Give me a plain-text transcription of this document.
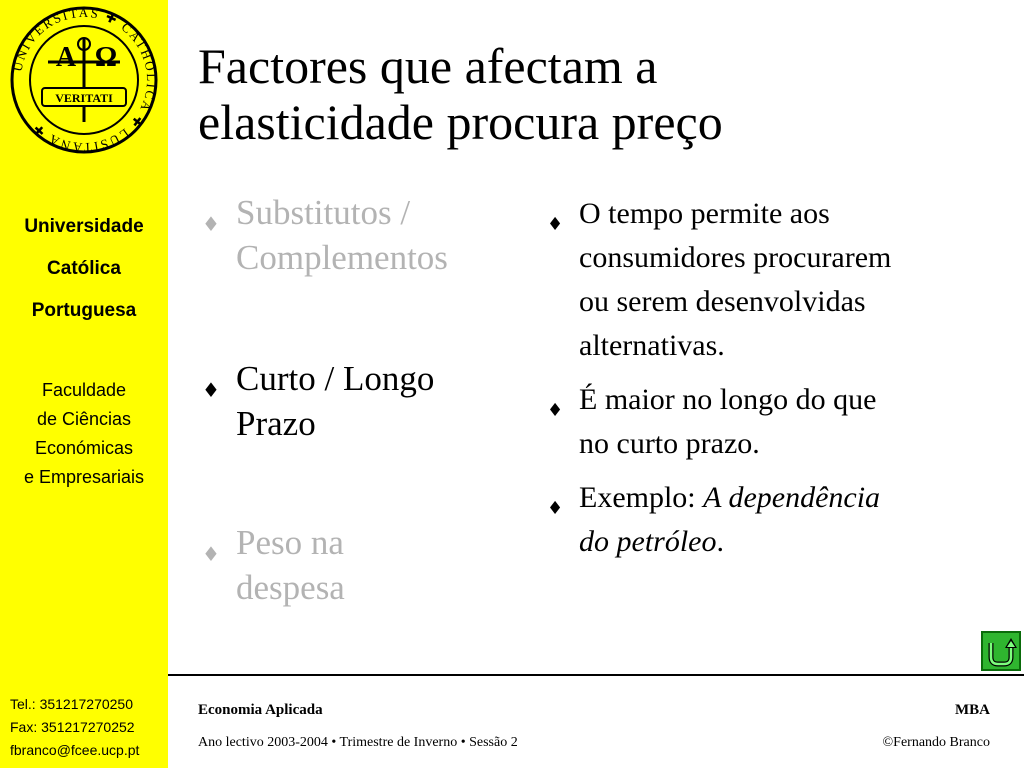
UNIVERSITAS ✚ CATHOLICA ✚ LUSITANA ✚
A Ω
VERITATI
Universidade
Católica
Portuguesa
Faculdade
de Ciências
Económicas
e Empresariais
Tel.: 351217270250
Fax: 351217270252
fbranco@fcee.ucp.pt
Factores que afectam a
elasticidade procura preço
♦ Substitutos /
Complementos
♦ Curto / Longo
Prazo
♦ Peso na
despesa
♦ O tempo permite aos
consumidores procurarem
ou serem desenvolvidas
alternativas.
♦ É maior no longo do que
no curto prazo.
♦ Exemplo: A dependência
do petróleo.
Economia Aplicada
Ano lectivo 2003-2004 • Trimestre de Inverno • Sessão 2
MBA
©Fernando Branco
